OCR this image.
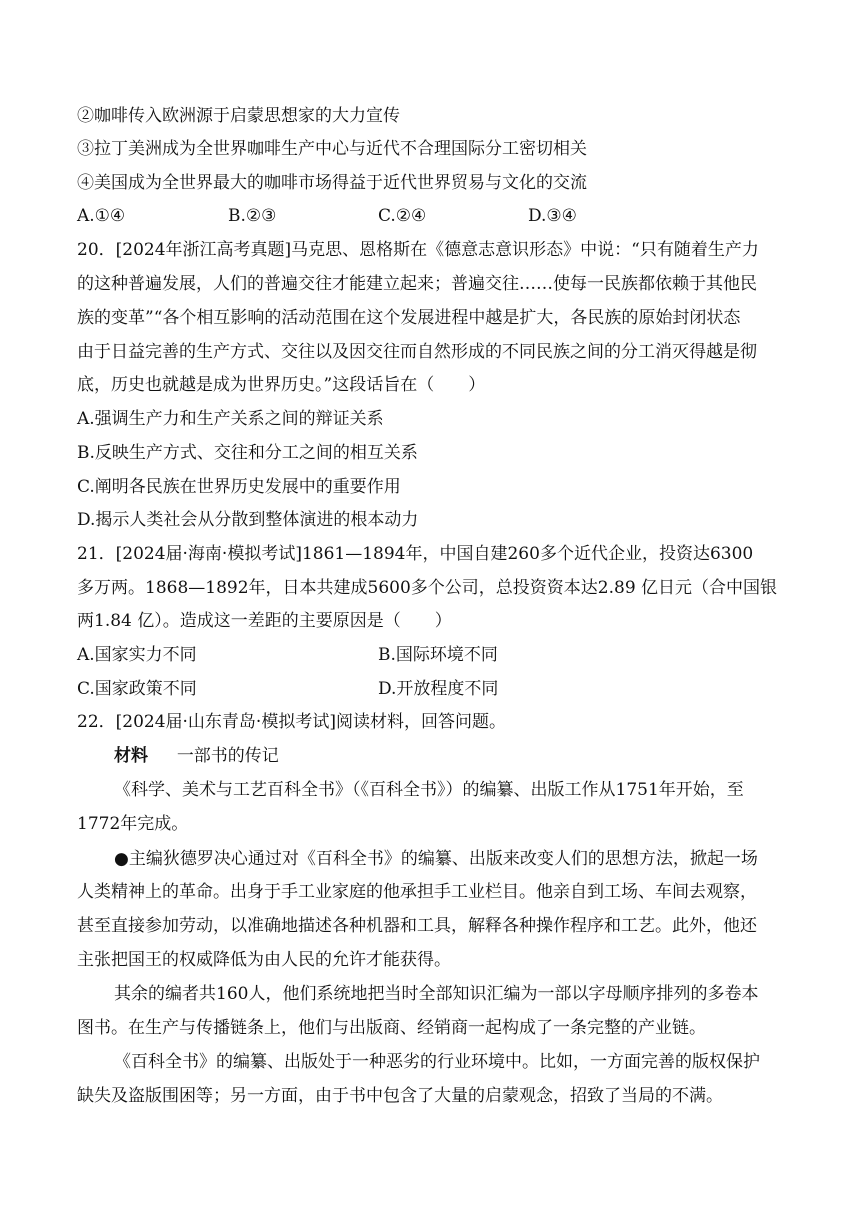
②咖啡传入欧洲源于启蒙思想家的大力宣传
③拉丁美洲成为全世界咖啡生产中心与近代不合理国际分工密切相关
④美国成为全世界最大的咖啡市场得益于近代世界贸易与文化的交流
A.①④	B.②③	C.②④	D.③④
20．[2024年浙江高考真题]马克思、恩格斯在《德意志意识形态》中说：“只有随着生产力
的这种普遍发展，人们的普遍交往才能建立起来；普遍交往……使每一民族都依赖于其他民
族的变革”“各个相互影响的活动范围在这个发展进程中越是扩大，各民族的原始封闭状态
由于日益完善的生产方式、交往以及因交往而自然形成的不同民族之间的分工消灭得越是彻
底，历史也就越是成为世界历史。”这段话旨在（　　）
A.强调生产力和生产关系之间的辩证关系
B.反映生产方式、交往和分工之间的相互关系
C.阐明各民族在世界历史发展中的重要作用
D.揭示人类社会从分散到整体演进的根本动力
21．[2024届·海南·模拟考试]1861—1894年，中国自建260多个近代企业，投资达6300
多万两。1868—1892年，日本共建成5600多个公司，总投资资本达2.89 亿日元（合中国银
两1.84 亿）。造成这一差距的主要原因是（　　）
A.国家实力不同	B.国际环境不同
C.国家政策不同	D.开放程度不同
22．[2024届·山东青岛·模拟考试]阅读材料，回答问题。
材料 一部书的传记
《科学、美术与工艺百科全书》（《百科全书》）的编纂、出版工作从1751年开始，至
1772年完成。
●主编狄德罗决心通过对《百科全书》的编纂、出版来改变人们的思想方法，掀起一场
人类精神上的革命。出身于手工业家庭的他承担手工业栏目。他亲自到工场、车间去观察，
甚至直接参加劳动，以准确地描述各种机器和工具，解释各种操作程序和工艺。此外，他还
主张把国王的权威降低为由人民的允许才能获得。
其余的编者共160人，他们系统地把当时全部知识汇编为一部以字母顺序排列的多卷本
图书。在生产与传播链条上，他们与出版商、经销商一起构成了一条完整的产业链。
《百科全书》的编纂、出版处于一种恶劣的行业环境中。比如，一方面完善的版权保护
缺失及盗版围困等；另一方面，由于书中包含了大量的启蒙观念，招致了当局的不满。
